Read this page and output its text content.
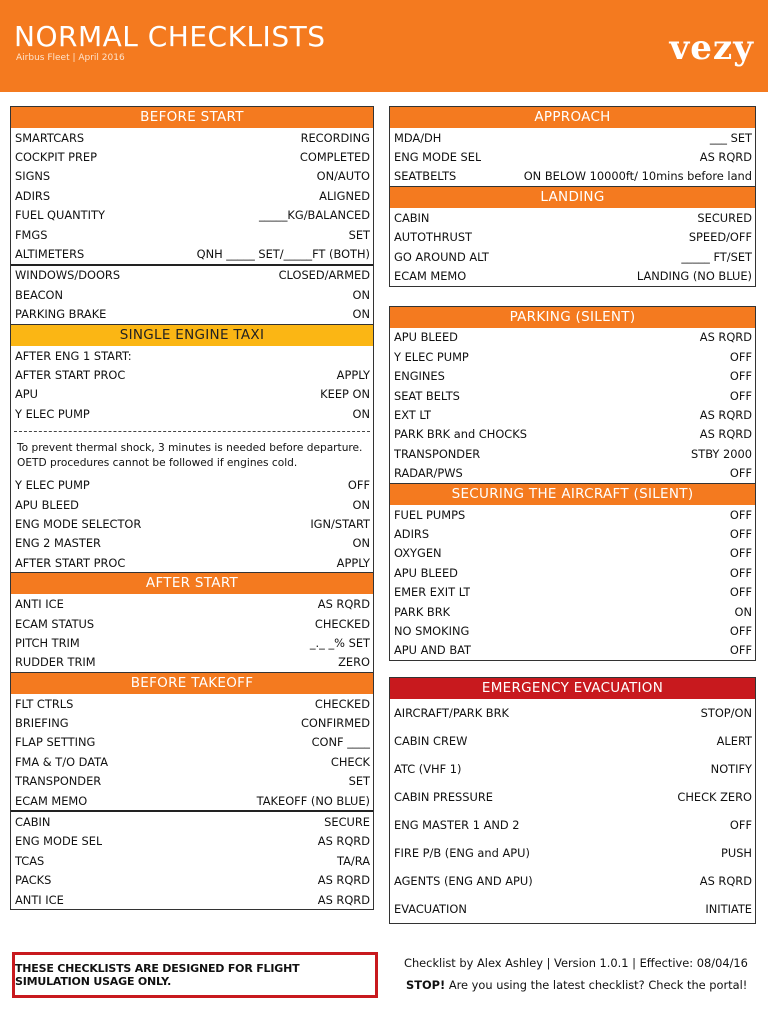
NORMAL CHECKLISTS
Airbus Fleet | April 2016	vezy
BEFORE START
SMARTCARS	RECORDING
COCKPIT PREP	COMPLETED
SIGNS	ON/AUTO
ADIRS	ALIGNED
FUEL QUANTITY	_____KG/BALANCED
FMGS	SET
ALTIMETERS	QNH _____ SET/_____FT (BOTH)
WINDOWS/DOORS	CLOSED/ARMED
BEACON	ON
PARKING BRAKE	ON
SINGLE ENGINE TAXI
AFTER ENG 1 START:
AFTER START PROC	APPLY
APU	KEEP ON
Y ELEC PUMP	ON
To prevent thermal shock, 3 minutes is needed before departure. OETD procedures cannot be followed if engines cold.
Y ELEC PUMP	OFF
APU BLEED	ON
ENG MODE SELECTOR	IGN/START
ENG 2 MASTER	ON
AFTER START PROC	APPLY
AFTER START
ANTI ICE	AS RQRD
ECAM STATUS	CHECKED
PITCH TRIM	_._ _% SET
RUDDER TRIM	ZERO
BEFORE TAKEOFF
FLT CTRLS	CHECKED
BRIEFING	CONFIRMED
FLAP SETTING	CONF ____
FMA & T/O DATA	CHECK
TRANSPONDER	SET
ECAM MEMO	TAKEOFF (NO BLUE)
CABIN	SECURE
ENG MODE SEL	AS RQRD
TCAS	TA/RA
PACKS	AS RQRD
ANTI ICE	AS RQRD
APPROACH
MDA/DH	___ SET
ENG MODE SEL	AS RQRD
SEATBELTS	ON BELOW 10000ft/ 10mins before land
LANDING
CABIN	SECURED
AUTOTHRUST	SPEED/OFF
GO AROUND ALT	_____ FT/SET
ECAM MEMO	LANDING (NO BLUE)
PARKING (SILENT)
APU BLEED	AS RQRD
Y ELEC PUMP	OFF
ENGINES	OFF
SEAT BELTS	OFF
EXT LT	AS RQRD
PARK BRK and CHOCKS	AS RQRD
TRANSPONDER	STBY 2000
RADAR/PWS	OFF
SECURING THE AIRCRAFT (SILENT)
FUEL PUMPS	OFF
ADIRS	OFF
OXYGEN	OFF
APU BLEED	OFF
EMER EXIT LT	OFF
PARK BRK	ON
NO SMOKING	OFF
APU AND BAT	OFF
EMERGENCY EVACUATION
AIRCRAFT/PARK BRK	STOP/ON
CABIN CREW	ALERT
ATC (VHF 1)	NOTIFY
CABIN PRESSURE	CHECK ZERO
ENG MASTER 1 AND 2	OFF
FIRE P/B (ENG and APU)	PUSH
AGENTS (ENG AND APU)	AS RQRD
EVACUATION	INITIATE
THESE CHECKLISTS ARE DESIGNED FOR FLIGHT SIMULATION USAGE ONLY.
Checklist by Alex Ashley | Version 1.0.1 | Effective: 08/04/16
STOP! Are you using the latest checklist? Check the portal!
